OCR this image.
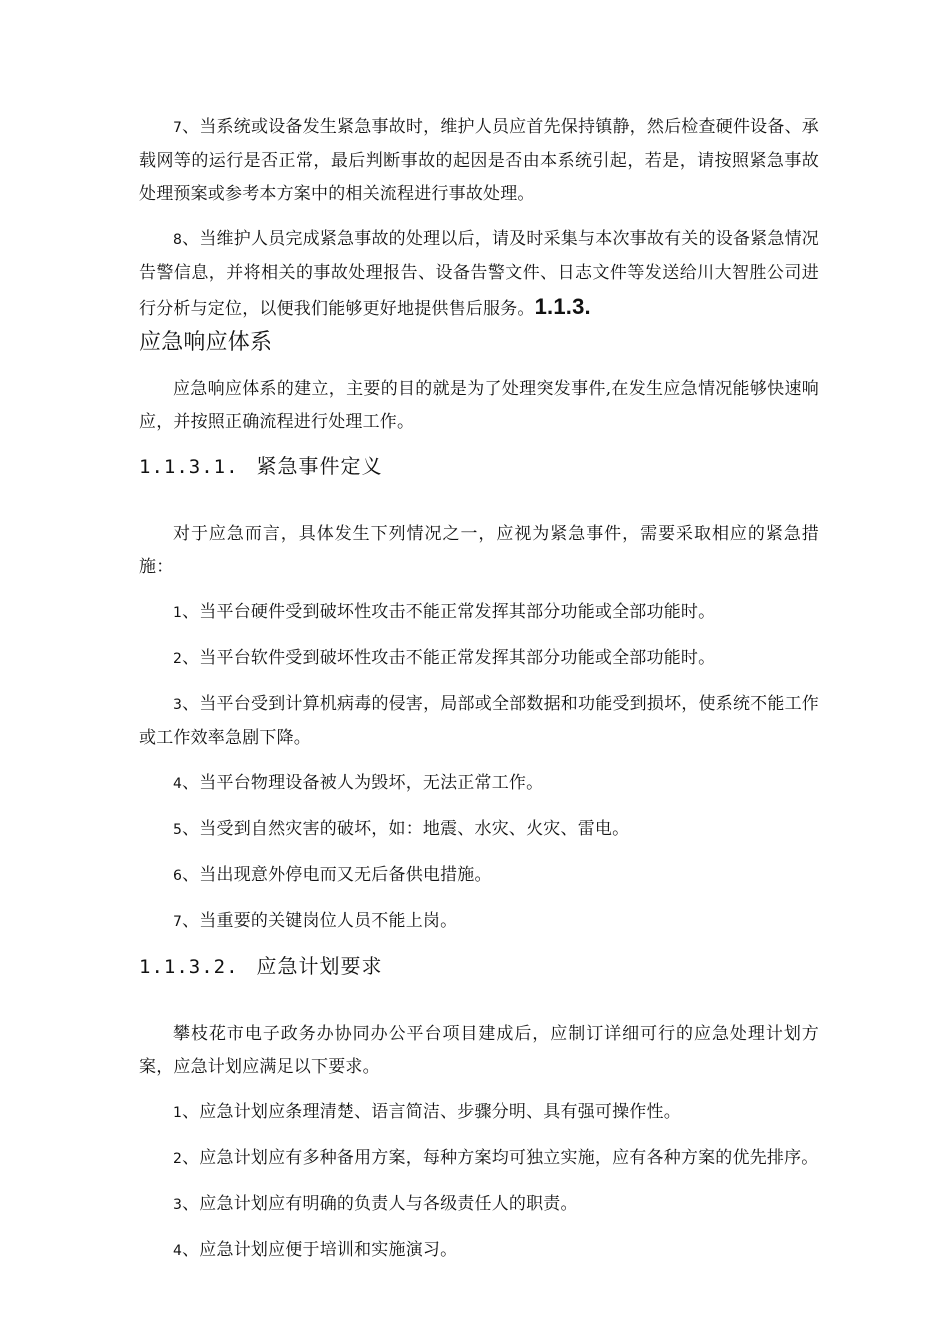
7、当系统或设备发生紧急事故时，维护人员应首先保持镇静，然后检查硬件设备、承载网等的运行是否正常，最后判断事故的起因是否由本系统引起，若是，请按照紧急事故处理预案或参考本方案中的相关流程进行事故处理。

8、当维护人员完成紧急事故的处理以后，请及时采集与本次事故有关的设备紧急情况告警信息，并将相关的事故处理报告、设备告警文件、日志文件等发送给川大智胜公司进行分析与定位，以便我们能够更好地提供售后服务。1.1.3.
应急响应体系

应急响应体系的建立，主要的目的就是为了处理突发事件,在发生应急情况能够快速响应，并按照正确流程进行处理工作。

1.1.3.1. 紧急事件定义

对于应急而言，具体发生下列情况之一，应视为紧急事件，需要采取相应的紧急措施：

1、当平台硬件受到破坏性攻击不能正常发挥其部分功能或全部功能时。

2、当平台软件受到破坏性攻击不能正常发挥其部分功能或全部功能时。

3、当平台受到计算机病毒的侵害，局部或全部数据和功能受到损坏，使系统不能工作或工作效率急剧下降。

4、当平台物理设备被人为毁坏，无法正常工作。

5、当受到自然灾害的破坏，如：地震、水灾、火灾、雷电。

6、当出现意外停电而又无后备供电措施。

7、当重要的关键岗位人员不能上岗。

1.1.3.2. 应急计划要求

攀枝花市电子政务办协同办公平台项目建成后，应制订详细可行的应急处理计划方案，应急计划应满足以下要求。

1、应急计划应条理清楚、语言简洁、步骤分明、具有强可操作性。

2、应急计划应有多种备用方案，每种方案均可独立实施，应有各种方案的优先排序。

3、应急计划应有明确的负责人与各级责任人的职责。

4、应急计划应便于培训和实施演习。
